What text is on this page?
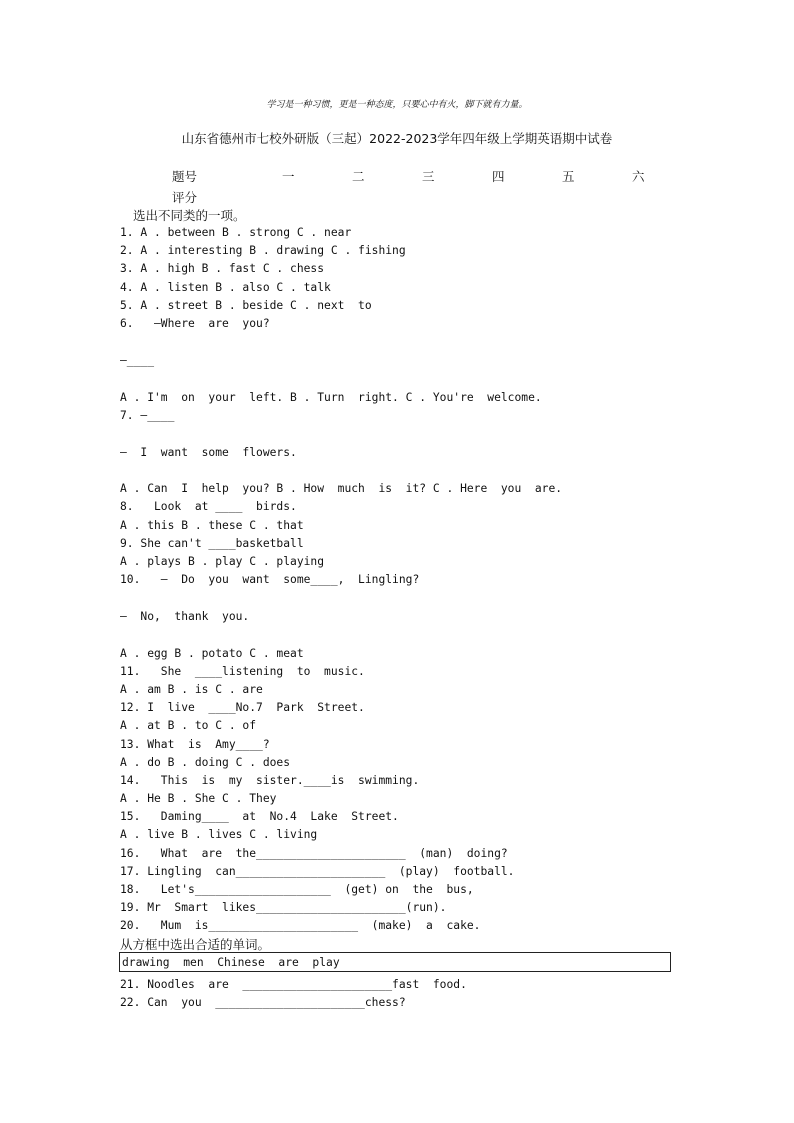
学习是一种习惯，更是一种态度，只要心中有火，脚下就有力量。
山东省德州市七校外研版（三起）2022-2023学年四年级上学期英语期中试卷
题号	一	二	三	四	五	六
评分
选出不同类的一项。
1. A . between B . strong C . near
2. A . interesting B . drawing C . fishing
3. A . high B . fast C . chess
4. A . listen B . also C . talk
5. A . street B . beside C . next  to
6.   —Where  are  you?
—____
A . I'm  on  your  left. B . Turn  right. C . You're  welcome.
7. —____
—  I  want  some  flowers.
A . Can  I  help  you? B . How  much  is  it? C . Here  you  are.
8.   Look  at ____  birds.
A . this B . these C . that
9. She can't ____basketball
A . plays B . play C . playing
10.   —  Do  you  want  some____,  Lingling?
—  No,  thank  you.
A . egg B . potato C . meat
11.   She  ____listening  to  music.
A . am B . is C . are
12. I  live  ____No.7  Park  Street.
A . at B . to C . of
13. What  is  Amy____?
A . do B . doing C . does
14.   This  is  my  sister.____is  swimming.
A . He B . She C . They
15.   Daming____  at  No.4  Lake  Street.
A . live B . lives C . living
16.   What  are  the______________________  (man)  doing?
17. Lingling  can______________________  (play)  football.
18.   Let's____________________  (get) on  the  bus,
19. Mr  Smart  likes______________________(run).
20.   Mum  is______________________  (make)  a  cake.
从方框中选出合适的单词。
drawing  men  Chinese  are  play
21. Noodles  are  ______________________fast  food.
22. Can  you  ______________________chess?
